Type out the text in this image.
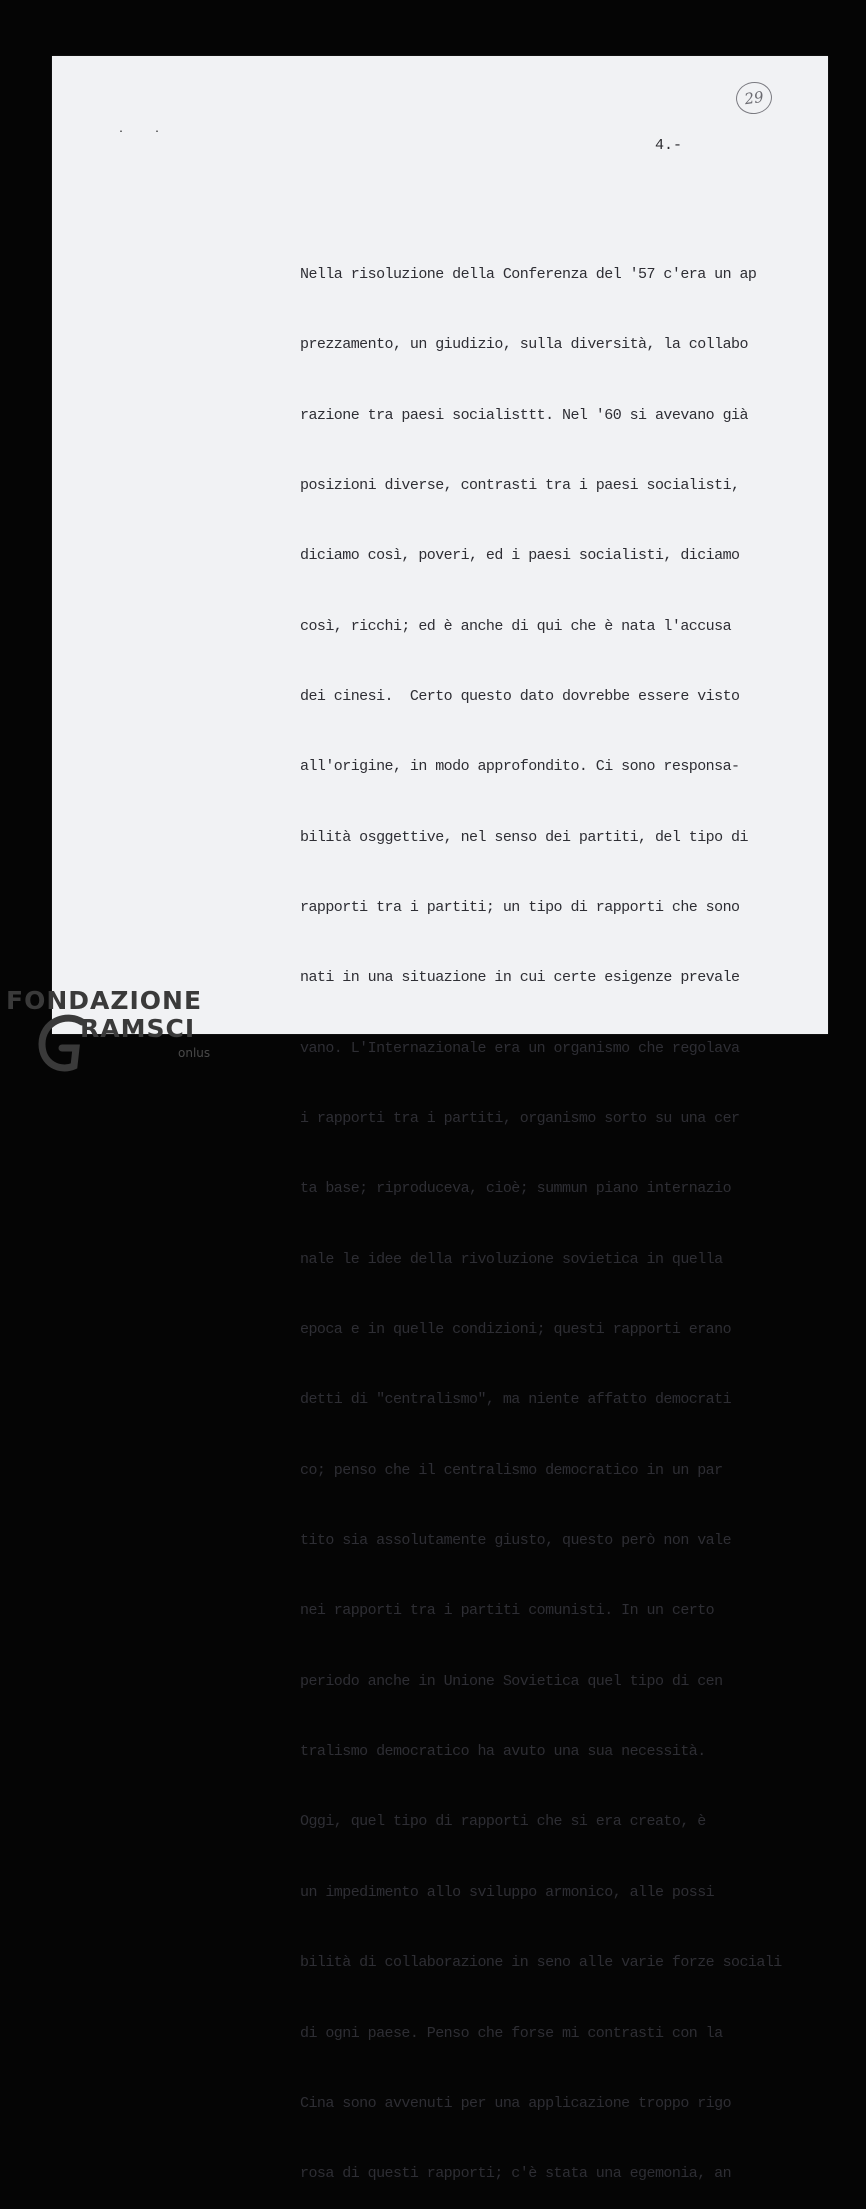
. .
29
4.-

Nella risoluzione della Conferenza del '57 c'era un ap

prezzamento, un giudizio, sulla diversità, la collabo

razione tra paesi socialisttt. Nel '60 si avevano già

posizioni diverse, contrasti tra i paesi socialisti,

diciamo così, poveri, ed i paesi socialisti, diciamo

così, ricchi; ed è anche di qui che è nata l'accusa

dei cinesi.  Certo questo dato dovrebbe essere visto

all'origine, in modo approfondito. Ci sono responsa-

bilità osggettive, nel senso dei partiti, del tipo di

rapporti tra i partiti; un tipo di rapporti che sono

nati in una situazione in cui certe esigenze prevale

vano. L'Internazionale era un organismo che regolava

i rapporti tra i partiti, organismo sorto su una cer

ta base; riproduceva, cioè; summun piano internazio

nale le idee della rivoluzione sovietica in quella

epoca e in quelle condizioni; questi rapporti erano

detti di "centralismo", ma niente affatto democrati

co; penso che il centralismo democratico in un par

tito sia assolutamente giusto, questo però non vale

nei rapporti tra i partiti comunisti. In un certo

periodo anche in Unione Sovietica quel tipo di cen

tralismo democratico ha avuto una sua necessità.

Oggi, quel tipo di rapporti che si era creato, è

un impedimento allo sviluppo armonico, alle possi

bilità di collaborazione in seno alle varie forze sociali

di ogni paese. Penso che forse mi contrasti con la

Cina sono avvenuti per una applicazione troppo rigo

rosa di questi rapporti; c'è stata una egemonia, an

FONDAZIONE
RAMSCI
onlus
